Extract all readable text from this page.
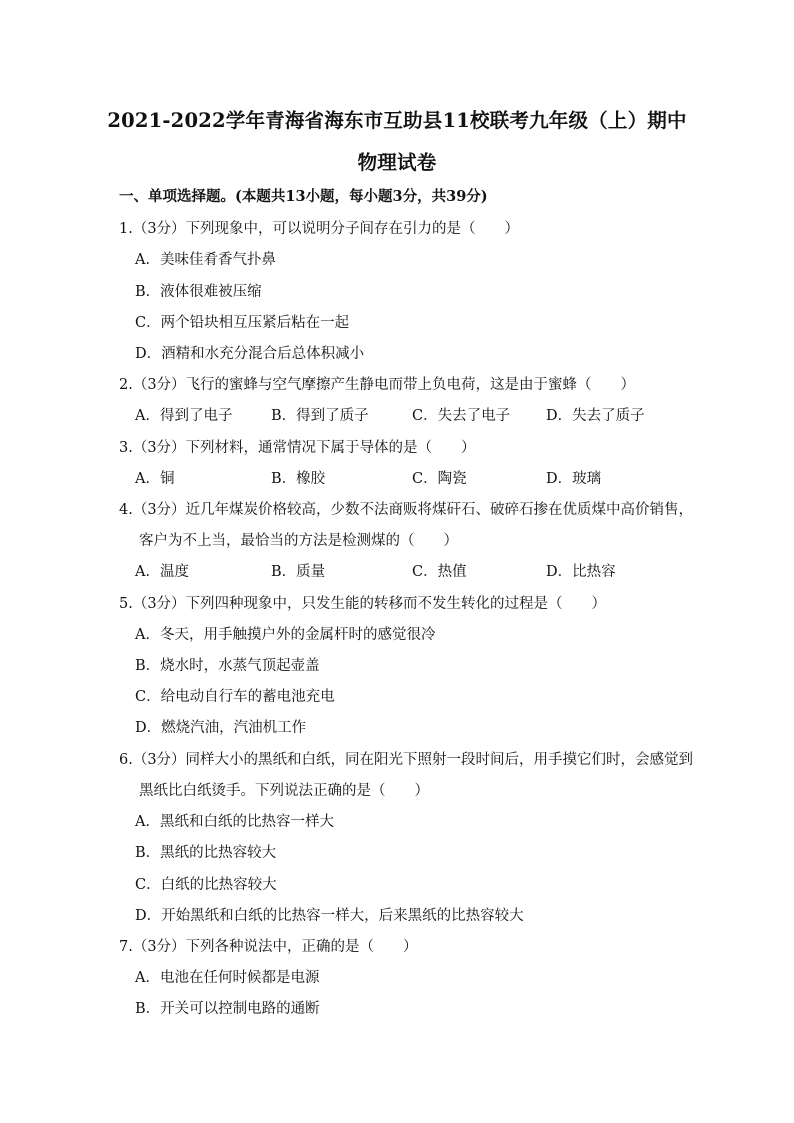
2021-2022学年青海省海东市互助县11校联考九年级（上）期中
物理试卷
一、单项选择题。(本题共13小题，每小题3分，共39分)
1.（3分）下列现象中，可以说明分子间存在引力的是（　　）
A．美味佳肴香气扑鼻
B．液体很难被压缩
C．两个铅块相互压紧后粘在一起
D．酒精和水充分混合后总体积减小
2.（3分）飞行的蜜蜂与空气摩擦产生静电而带上负电荷，这是由于蜜蜂（　　）
A．得到了电子	B．得到了质子	C．失去了电子 D．失去了质子
3.（3分）下列材料，通常情况下属于导体的是（　　）
A．铜	B．橡胶	C．陶瓷	D．玻璃
4.（3分）近几年煤炭价格较高，少数不法商贩将煤矸石、破碎石掺在优质煤中高价销售，
客户为不上当，最恰当的方法是检测煤的（　　）
A．温度	B．质量	C．热值	D．比热容
5.（3分）下列四种现象中，只发生能的转移而不发生转化的过程是（　　）
A．冬天，用手触摸户外的金属杆时的感觉很冷
B．烧水时，水蒸气顶起壶盖
C．给电动自行车的蓄电池充电
D．燃烧汽油，汽油机工作
6.（3分）同样大小的黑纸和白纸，同在阳光下照射一段时间后，用手摸它们时，会感觉到
黑纸比白纸烫手。下列说法正确的是（　　）
A．黑纸和白纸的比热容一样大
B．黑纸的比热容较大
C．白纸的比热容较大
D．开始黑纸和白纸的比热容一样大，后来黑纸的比热容较大
7.（3分）下列各种说法中，正确的是（　　）
A．电池在任何时候都是电源
B．开关可以控制电路的通断
